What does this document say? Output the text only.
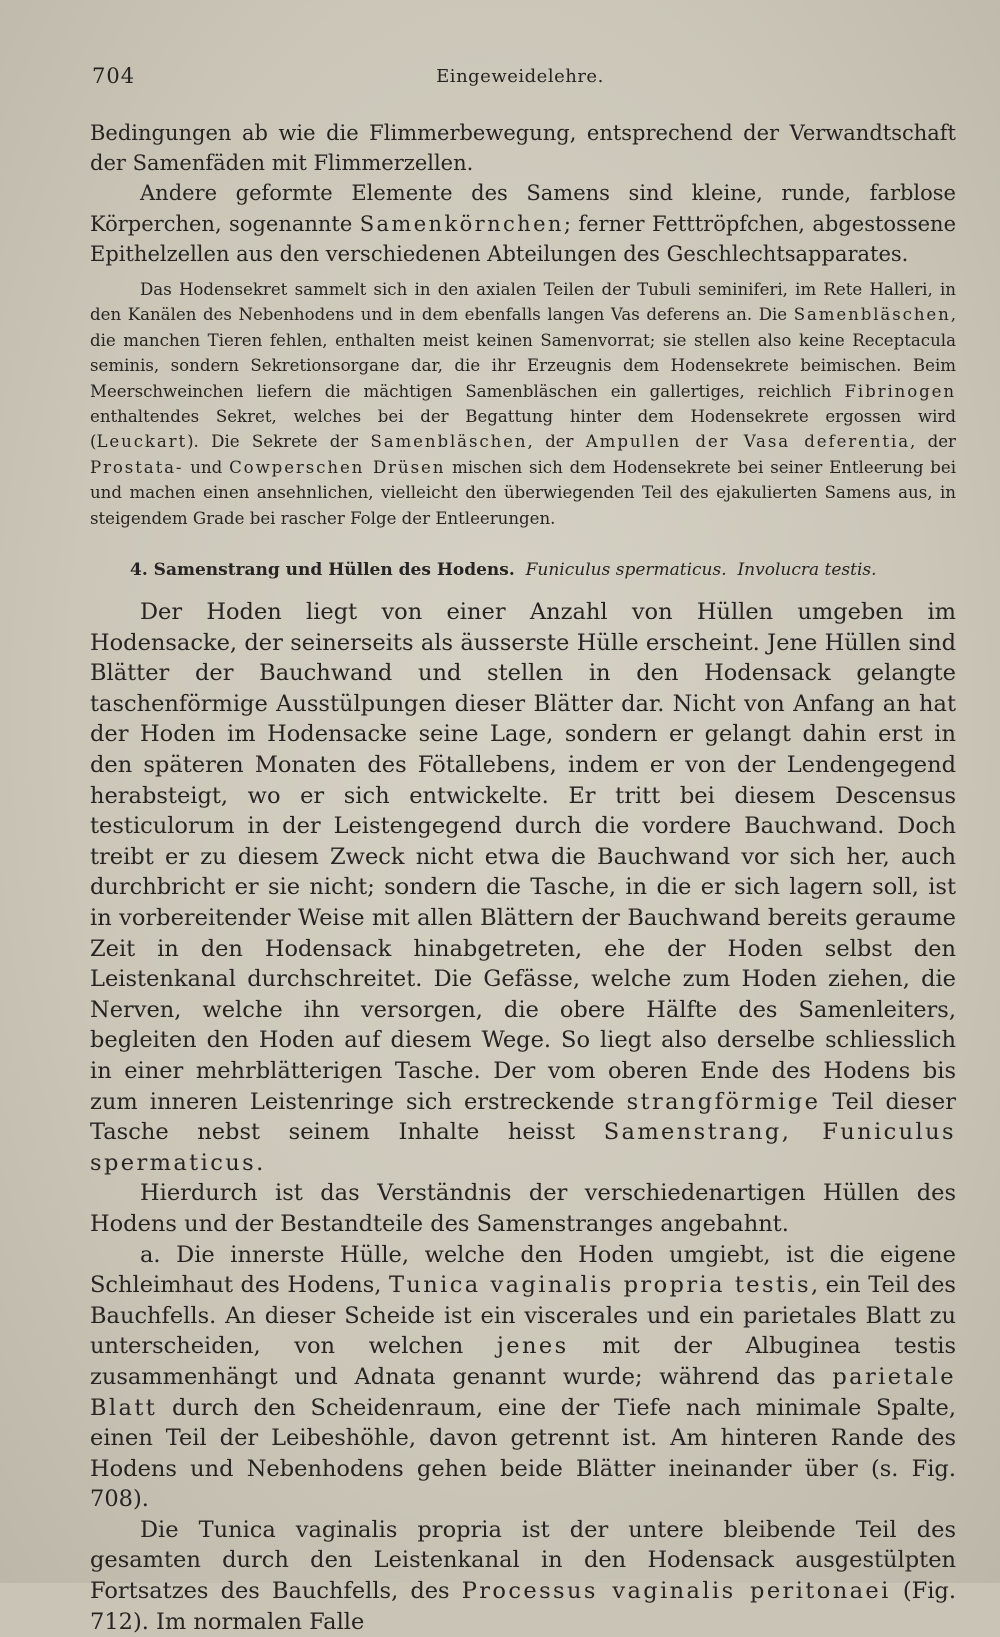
704	Eingeweidelehre.

Bedingungen ab wie die Flimmerbewegung, entsprechend der Verwandtschaft der Samenfäden mit Flimmerzellen.

Andere geformte Elemente des Samens sind kleine, runde, farblose Körperchen, sogenannte Samenkörnchen; ferner Fetttröpfchen, abgestossene Epithelzellen aus den verschiedenen Abteilungen des Geschlechtsapparates.

Das Hodensekret sammelt sich in den axialen Teilen der Tubuli seminiferi, im Rete Halleri, in den Kanälen des Nebenhodens und in dem ebenfalls langen Vas deferens an. Die Samenbläschen, die manchen Tieren fehlen, enthalten meist keinen Samenvorrat; sie stellen also keine Receptacula seminis, sondern Sekretionsorgane dar, die ihr Erzeugnis dem Hodensekrete beimischen. Beim Meerschweinchen liefern die mächtigen Samenbläschen ein gallertiges, reichlich Fibrinogen enthaltendes Sekret, welches bei der Begattung hinter dem Hodensekrete ergossen wird (Leuckart). Die Sekrete der Samenbläschen, der Ampullen der Vasa deferentia, der Prostata- und Cowperschen Drüsen mischen sich dem Hodensekrete bei seiner Entleerung bei und machen einen ansehnlichen, vielleicht den überwiegenden Teil des ejakulierten Samens aus, in steigendem Grade bei rascher Folge der Entleerungen.

4. Samenstrang und Hüllen des Hodens. Funiculus spermaticus. Involucra testis.

Der Hoden liegt von einer Anzahl von Hüllen umgeben im Hodensacke, der seinerseits als äusserste Hülle erscheint. Jene Hüllen sind Blätter der Bauchwand und stellen in den Hodensack gelangte taschenförmige Ausstülpungen dieser Blätter dar. Nicht von Anfang an hat der Hoden im Hodensacke seine Lage, sondern er gelangt dahin erst in den späteren Monaten des Fötallebens, indem er von der Lendengegend herabsteigt, wo er sich entwickelte. Er tritt bei diesem Descensus testiculorum in der Leistengegend durch die vordere Bauchwand. Doch treibt er zu diesem Zweck nicht etwa die Bauchwand vor sich her, auch durchbricht er sie nicht; sondern die Tasche, in die er sich lagern soll, ist in vorbereitender Weise mit allen Blättern der Bauchwand bereits geraume Zeit in den Hodensack hinabgetreten, ehe der Hoden selbst den Leistenkanal durchschreitet. Die Gefässe, welche zum Hoden ziehen, die Nerven, welche ihn versorgen, die obere Hälfte des Samenleiters, begleiten den Hoden auf diesem Wege. So liegt also derselbe schliesslich in einer mehrblätterigen Tasche. Der vom oberen Ende des Hodens bis zum inneren Leistenringe sich erstreckende strangförmige Teil dieser Tasche nebst seinem Inhalte heisst Samenstrang, Funiculus spermaticus.

Hierdurch ist das Verständnis der verschiedenartigen Hüllen des Hodens und der Bestandteile des Samenstranges angebahnt.

a. Die innerste Hülle, welche den Hoden umgiebt, ist die eigene Schleimhaut des Hodens, Tunica vaginalis propria testis, ein Teil des Bauchfells. An dieser Scheide ist ein viscerales und ein parietales Blatt zu unterscheiden, von welchen jenes mit der Albuginea testis zusammenhängt und Adnata genannt wurde; während das parietale Blatt durch den Scheidenraum, eine der Tiefe nach minimale Spalte, einen Teil der Leibeshöhle, davon getrennt ist. Am hinteren Rande des Hodens und Nebenhodens gehen beide Blätter ineinander über (s. Fig. 708).

Die Tunica vaginalis propria ist der untere bleibende Teil des gesamten durch den Leistenkanal in den Hodensack ausgestülpten Fortsatzes des Bauchfells, des Processus vaginalis peritonaei (Fig. 712). Im normalen Falle
